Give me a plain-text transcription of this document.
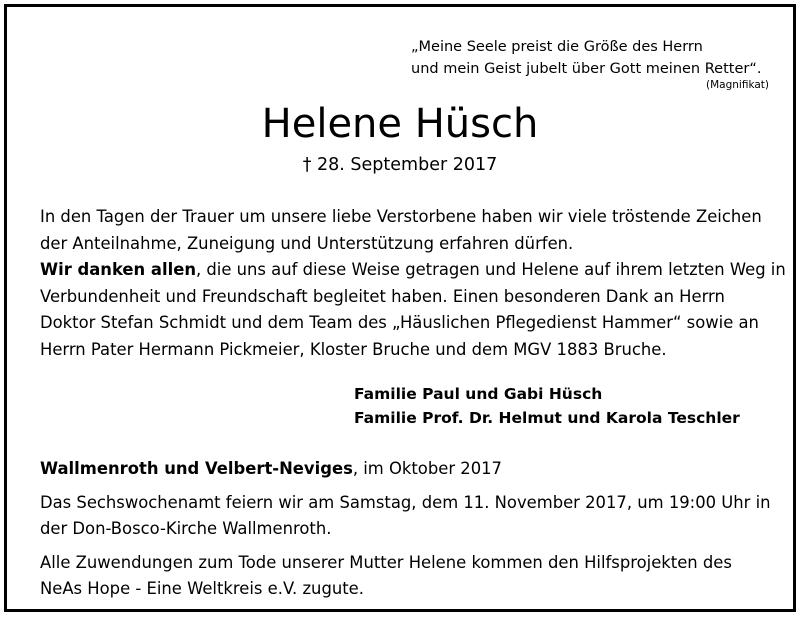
„Meine Seele preist die Größe des Herrn
und mein Geist jubelt über Gott meinen Retter“.
(Magnifikat)
Helene Hüsch
† 28. September 2017

In den Tagen der Trauer um unsere liebe Verstorbene haben wir viele tröstende Zeichen

der Anteilnahme, Zuneigung und Unterstützung erfahren dürfen.

Wir danken allen, die uns auf diese Weise getragen und Helene auf ihrem letzten Weg in

Verbundenheit und Freundschaft begleitet haben. Einen besonderen Dank an Herrn

Doktor Stefan Schmidt und dem Team des „Häuslichen Pflegedienst Hammer“ sowie an

Herrn Pater Hermann Pickmeier, Kloster Bruche und dem MGV 1883 Bruche.

Familie Paul und Gabi Hüsch

Familie Prof. Dr. Helmut und Karola Teschler

Wallmenroth und Velbert-Neviges, im Oktober 2017

Das Sechswochenamt feiern wir am Samstag, dem 11. November 2017, um 19:00 Uhr in

der Don-Bosco-Kirche Wallmenroth.

Alle Zuwendungen zum Tode unserer Mutter Helene kommen den Hilfsprojekten des

NeAs Hope - Eine Weltkreis e.V. zugute.
